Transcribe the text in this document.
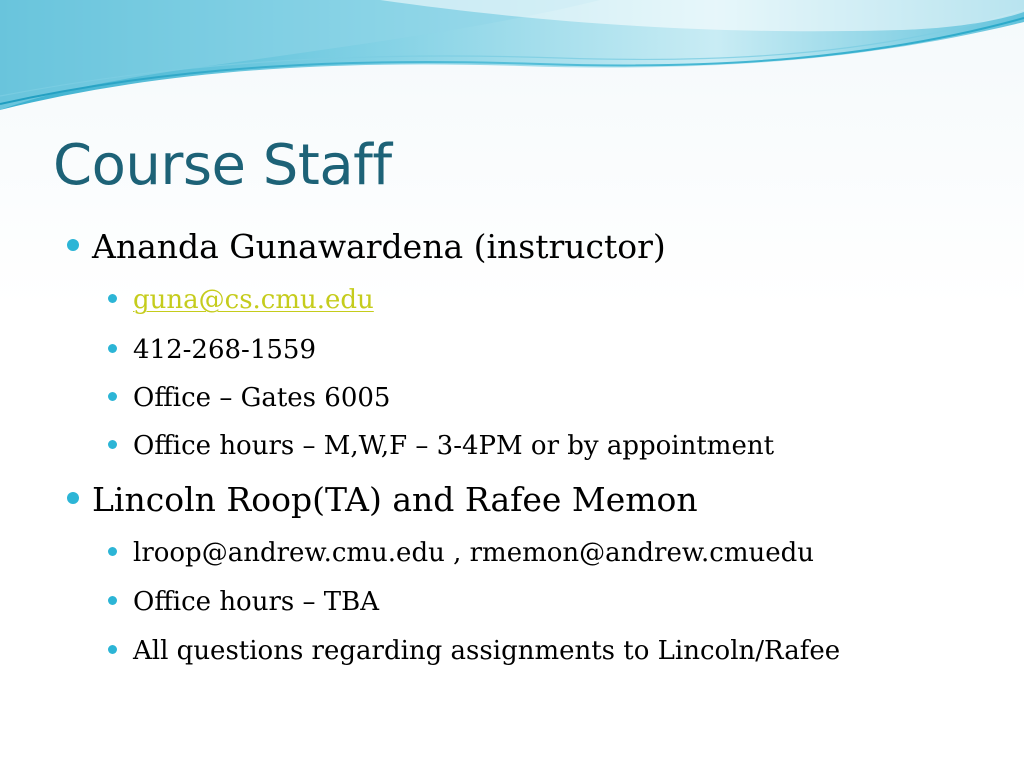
Course Staff
Ananda Gunawardena (instructor)
guna@cs.cmu.edu
412-268-1559
Office – Gates 6005
Office hours – M,W,F – 3-4PM or by appointment
Lincoln Roop(TA) and Rafee Memon
lroop@andrew.cmu.edu , rmemon@andrew.cmuedu
Office hours – TBA
All questions regarding assignments to Lincoln/Rafee
